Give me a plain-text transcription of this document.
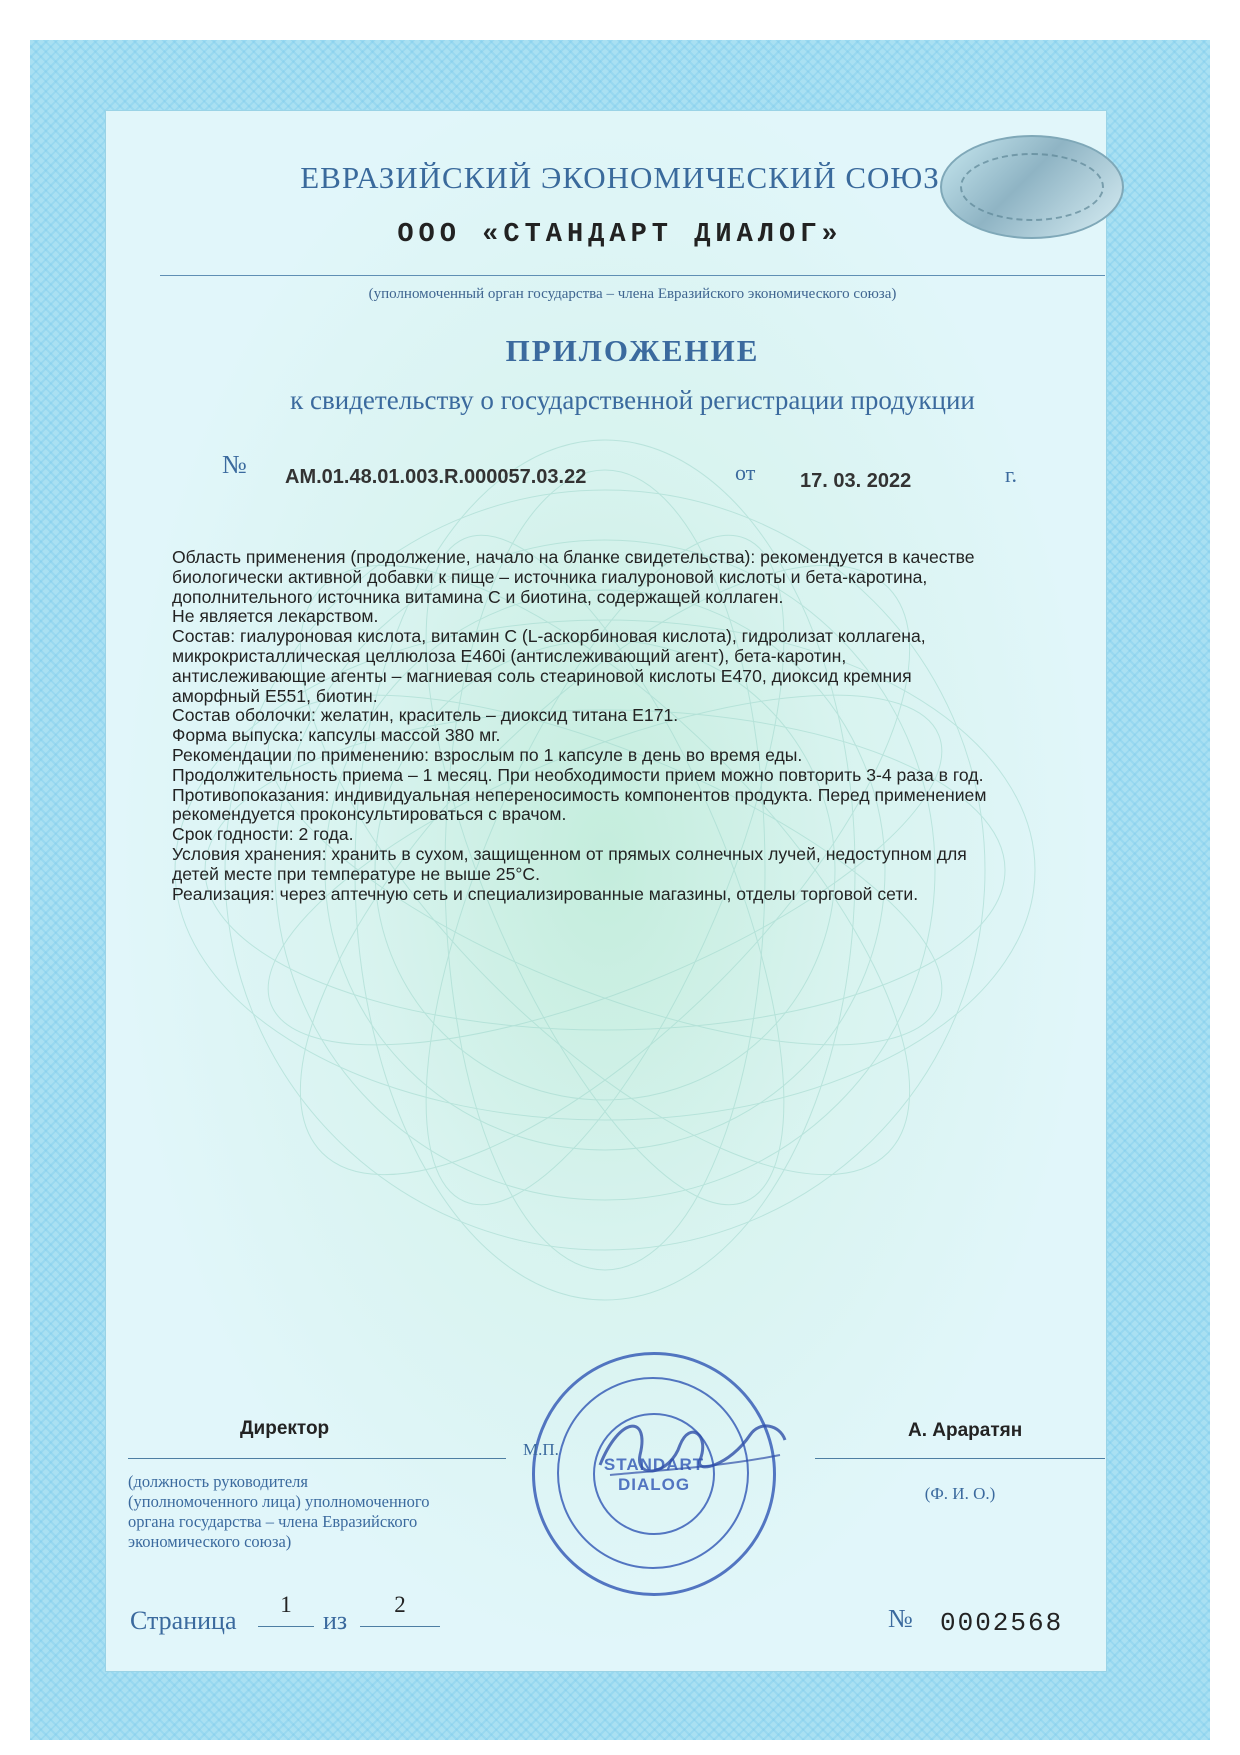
ЕВРАЗИЙСКИЙ ЭКОНОМИЧЕСКИЙ СОЮЗ
ООО «СТАНДАРТ ДИАЛОГ»
(уполномоченный орган государства – члена Евразийского экономического союза)
ПРИЛОЖЕНИЕ
к свидетельству о государственной регистрации продукции
№ AM.01.48.01.003.R.000057.03.22	от 17. 03. 2022	г.
Область применения (продолжение, начало на бланке свидетельства): рекомендуется в качестве
биологически активной добавки к пище – источника гиалуроновой кислоты и бета-каротина,
дополнительного источника витамина С и биотина, содержащей коллаген.
Не является лекарством.
Состав: гиалуроновая кислота, витамин С (L-аскорбиновая кислота), гидролизат коллагена,
микрокристаллическая целлюлоза Е460i (антислеживающий агент), бета-каротин,
антислеживающие агенты – магниевая соль стеариновой кислоты Е470, диоксид кремния
аморфный Е551, биотин.
Состав оболочки: желатин, краситель – диоксид титана Е171.
Форма выпуска: капсулы массой 380 мг.
Рекомендации по применению: взрослым по 1 капсуле в день во время еды.
Продолжительность приема – 1 месяц. При необходимости прием можно повторить 3-4 раза в год.
Противопоказания: индивидуальная непереносимость компонентов продукта. Перед применением
рекомендуется проконсультироваться с врачом.
Срок годности: 2 года.
Условия хранения: хранить в сухом, защищенном от прямых солнечных лучей, недоступном для
детей месте при температуре не выше 25°С.
Реализация: через аптечную сеть и специализированные магазины, отделы торговой сети.
STANDART DIALOG
Директор
М.П.
(должность руководителя
(уполномоченного лица) уполномоченного
органа государства – члена Евразийского
экономического союза)
А. Араратян
(Ф. И. О.)
Страница
1
из
2	№ 0002568
